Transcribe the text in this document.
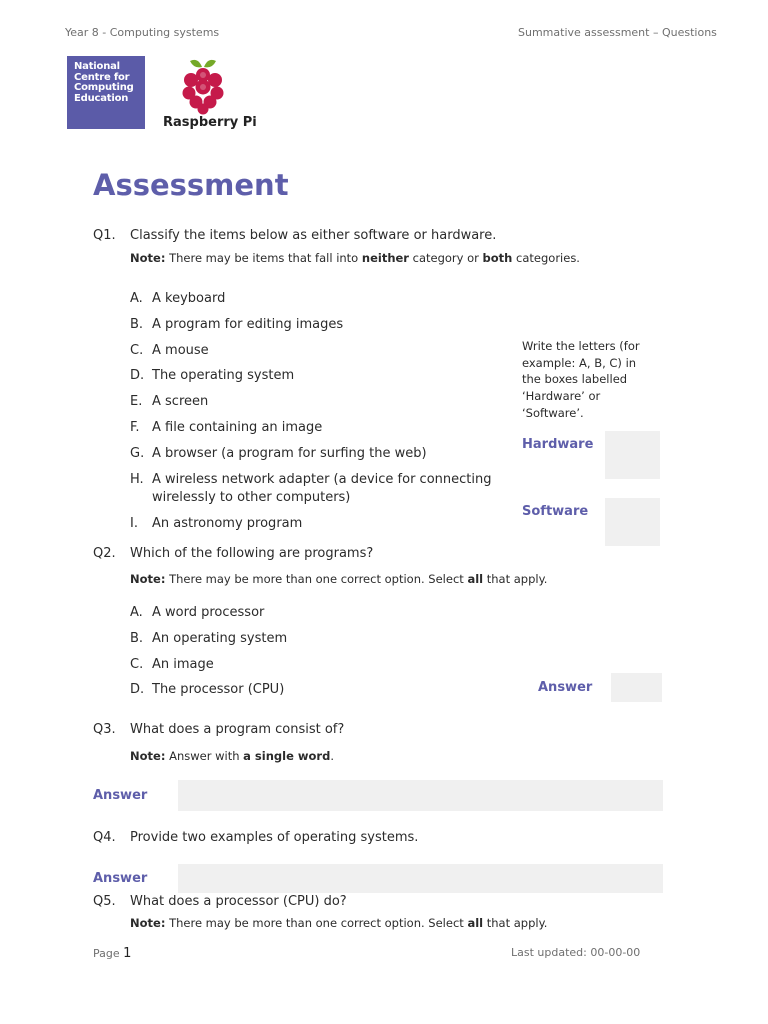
Year 8 - Computing systems	Summative assessment – Questions
National
Centre for
Computing
Education
Raspberry Pi
Assessment
Q1. Classify the items below as either software or hardware.
Note: There may be items that fall into neither category or both categories.
A. A keyboard
B. A program for editing images
C. A mouse
D. The operating system
E. A screen
F. A file containing an image
G. A browser (a program for surfing the web)
H. A wireless network adapter (a device for connecting
wirelessly to other computers)
I. An astronomy program
Write the letters (for example: A, B, C) in the boxes labelled ‘Hardware’ or ‘Software’.
Hardware
Software
Q2. Which of the following are programs?
Note: There may be more than one correct option. Select all that apply.
A. A word processor
B. An operating system
C. An image
D. The processor (CPU)	Answer
Q3. What does a program consist of?
Note: Answer with a single word.
Answer
Q4. Provide two examples of operating systems.
Answer
Q5. What does a processor (CPU) do?
Note: There may be more than one correct option. Select all that apply.
Page 1	Last updated: 00-00-00
